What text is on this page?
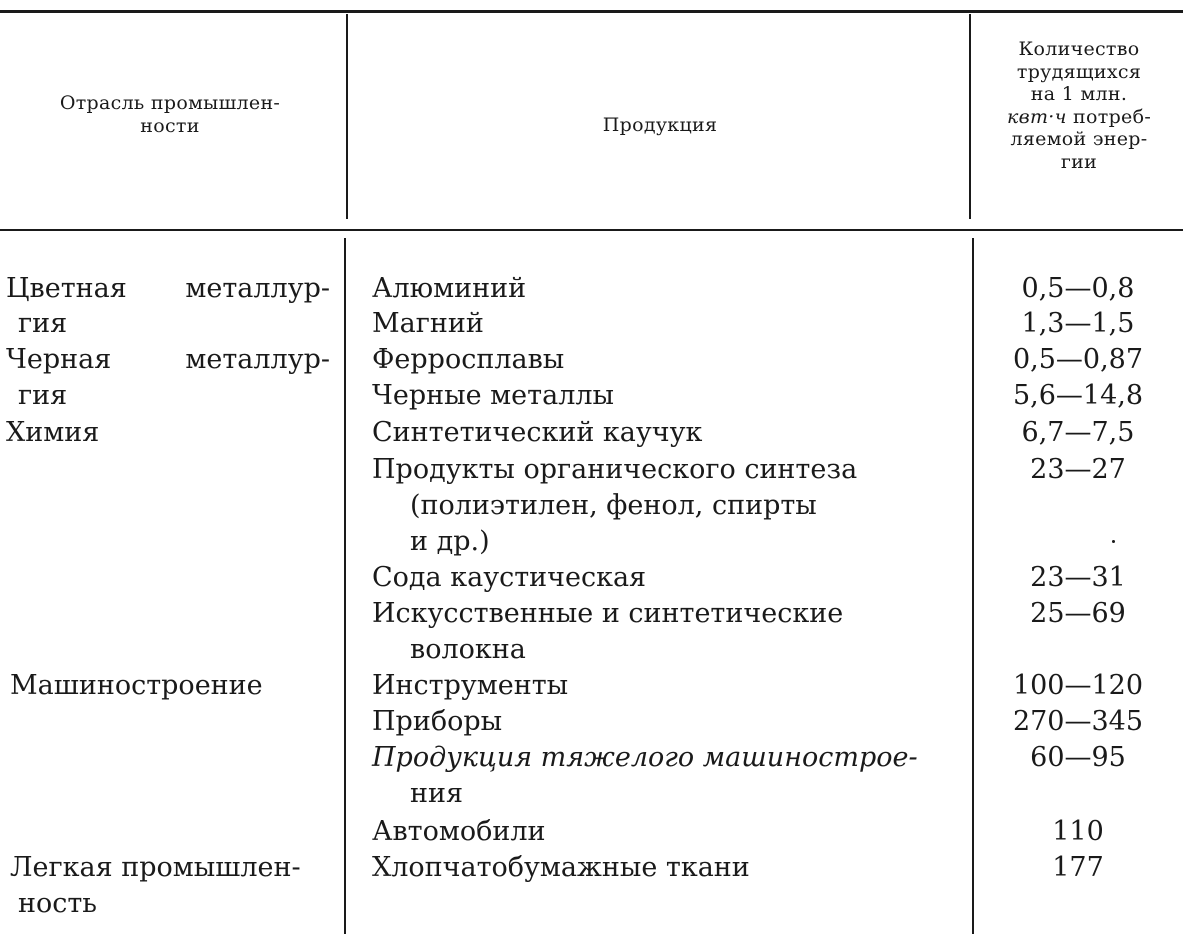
Отрасль промышлен-
ности	Продукция
Количество
трудящихся
на 1 млн.
квт·ч потреб-
ляемой энер-
гии
Цветная металлур-
гия
Черная	металлур-
гия
Химия
Машиностроение
Легкая промышлен-
ность
Алюминий
Магний
Ферросплавы
Черные металлы
Синтетический каучук
Продукты органического синтеза
(полиэтилен, фенол, спирты
и др.)
Сода каустическая
Искусственные и синтетические
волокна
Инструменты
Приборы
Продукция тяжелого машинострое-
ния
Автомобили
Хлопчатобумажные ткани
0,5—0,8
1,3—1,5
0,5—0,87
5,6—14,8
6,7—7,5
23—27
23—31
25—69
100—120
270—345
60—95
110
177
